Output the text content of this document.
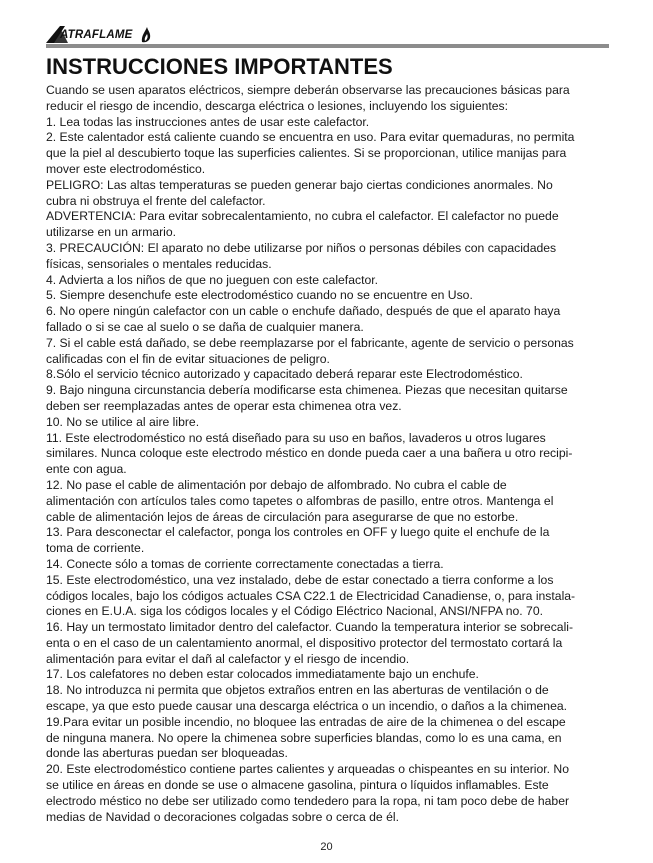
ATRAFLAME
INSTRUCCIONES IMPORTANTES
Cuando se usen aparatos eléctricos, siempre deberán observarse las precauciones básicas para
reducir el riesgo de incendio, descarga eléctrica o lesiones, incluyendo los siguientes:
1. Lea todas las instrucciones antes de usar este calefactor.
2. Este calentador está caliente cuando se encuentra en uso. Para evitar quemaduras, no permita
que la piel al descubierto toque las superficies calientes. Si se proporcionan, utilice manijas para
mover este electrodoméstico.
PELIGRO: Las altas temperaturas se pueden generar bajo ciertas condiciones anormales. No
cubra ni obstruya el frente del calefactor.
ADVERTENCIA: Para evitar sobrecalentamiento, no cubra el calefactor. El calefactor no puede
utilizarse en un armario.
3. PRECAUCIÓN: El aparato no debe utilizarse por niños o personas débiles con capacidades
físicas, sensoriales o mentales reducidas.
4. Advierta a los niños de que no jueguen con este calefactor.
5. Siempre desenchufe este electrodoméstico cuando no se encuentre en Uso.
6. No opere ningún calefactor con un cable o enchufe dañado, después de que el aparato haya
fallado o si se cae al suelo o se daña de cualquier manera.
7. Si el cable está dañado, se debe reemplazarse por el fabricante, agente de servicio o personas
calificadas con el fin de evitar situaciones de peligro.
8.Sólo el servicio técnico autorizado y capacitado deberá reparar este Electrodoméstico.
9. Bajo ninguna circunstancia debería modificarse esta chimenea. Piezas que necesitan quitarse
deben ser reemplazadas antes de operar esta chimenea otra vez.
10. No se utilice al aire libre.
11. Este electrodoméstico no está diseñado para su uso en baños, lavaderos u otros lugares
similares. Nunca coloque este electrodo méstico en donde pueda caer a una bañera u otro recipi-
ente con agua.
12. No pase el cable de alimentación por debajo de alfombrado. No cubra el cable de
alimentación con artículos tales como tapetes o alfombras de pasillo, entre otros. Mantenga el
cable de alimentación lejos de áreas de circulación para asegurarse de que no estorbe.
13. Para desconectar el calefactor, ponga los controles en OFF y luego quite el enchufe de la
toma de corriente.
14. Conecte sólo a tomas de corriente correctamente conectadas a tierra.
15. Este electrodoméstico, una vez instalado, debe de estar conectado a tierra conforme a los
códigos locales, bajo los códigos actuales CSA C22.1 de Electricidad Canadiense, o, para instala-
ciones en E.U.A. siga los códigos locales y el Código Eléctrico Nacional, ANSI/NFPA no. 70.
16. Hay un termostato limitador dentro del calefactor. Cuando la temperatura interior se sobrecali-
enta o en el caso de un calentamiento anormal, el dispositivo protector del termostato cortará la
alimentación para evitar el dañ al calefactor y el riesgo de incendio.
17. Los calefatores no deben estar colocados immediatamente bajo un enchufe.
18. No introduzca ni permita que objetos extraños entren en las aberturas de ventilación o de
escape, ya que esto puede causar una descarga eléctrica o un incendio, o daños a la chimenea.
19.Para evitar un posible incendio, no bloquee las entradas de aire de la chimenea o del escape
de ninguna manera. No opere la chimenea sobre superficies blandas, como lo es una cama, en
donde las aberturas puedan ser bloqueadas.
20. Este electrodoméstico contiene partes calientes y arqueadas o chispeantes en su interior. No
se utilice en áreas en donde se use o almacene gasolina, pintura o líquidos inflamables. Este
electrodo méstico no debe ser utilizado como tendedero para la ropa, ni tam poco debe de haber
medias de Navidad o decoraciones colgadas sobre o cerca de él.
20
